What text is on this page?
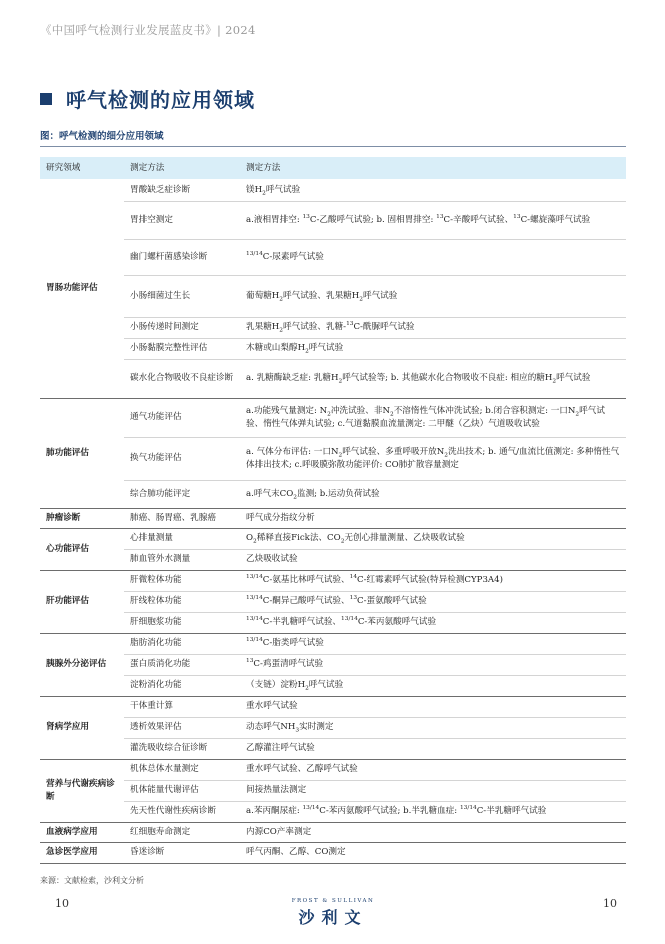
《中国呼气检测行业发展蓝皮书》| 2024
呼气检测的应用领域
图：呼气检测的细分应用领域
研究领域	测定方法	测定方法
胃肠功能评估	胃酸缺乏症诊断	镁$H_2$呼气试验
	胃排空测定	a.液相胃排空: $^{13}$C-乙酸呼气试验; b. 固相胃排空: $^{13}$C-辛酸呼气试验、$^{13}$C-螺旋藻呼气试验
	幽门螺杆菌感染诊断	$^{13/14}$C-尿素呼气试验
	小肠细菌过生长	葡萄糖$H_2$呼气试验、乳果糖$H_2$呼气试验
	小肠传递时间测定	乳果糖$H_2$呼气试验、乳糖-$^{13}$C-酰脲呼气试验
	小肠黏膜完整性评估	木糖或山梨醇$H_2$呼气试验
	碳水化合物吸收不良症诊断	a. 乳糖酶缺乏症: 乳糖$H_2$呼气试验等; b. 其他碳水化合物吸收不良症: 相应的糖$H_2$呼气试验
肺功能评估	通气功能评估	a.功能残气量测定: $N_2$冲洗试验、非$N_2$不溶惰性气体冲洗试验; b.闭合容积测定: 一口$N_2$呼气试验、惰性气体弹丸试验; c.气道黏膜血流量测定: 二甲醚（乙炔）气道吸收试验
	换气功能评估	a. 气体分布评估: 一口$N_2$呼气试验、多重呼吸开放$N_2$洗出技术; b. 通气/血流比值测定: 多种惰性气体排出技术; c.呼吸膜弥散功能评价: CO肺扩散容量测定
	综合肺功能评定	a.呼气末$CO_2$监测; b.运动负荷试验
肿瘤诊断	肺癌、肠胃癌、乳腺癌	呼气成分指纹分析
心功能评估	心排量测量	$O_2$稀释直接Fick法、$CO_2$无创心排量测量、乙炔吸收试验
	肺血管外水测量	乙炔吸收试验
肝功能评估	肝微粒体功能	$^{13/14}$C-氨基比林呼气试验、$^{14}$C-红霉素呼气试验(特异检测CYP3A4)
	肝线粒体功能	$^{13/14}$C-酮异己酸呼气试验、$^{13}$C-蛋氨酸呼气试验
	肝细胞浆功能	$^{13/14}$C-半乳糖呼气试验、$^{13/14}$C-苯丙氨酸呼气试验
胰腺外分泌评估	脂肪消化功能	$^{13/14}$C-脂类呼气试验
	蛋白质消化功能	$^{13}$C-鸡蛋清呼气试验
	淀粉消化功能	（支链）淀粉$H_2$呼气试验
肾病学应用	干体重计算	重水呼气试验
	透析效果评估	动态呼气$NH_3$实时测定
	灌洗吸收综合征诊断	乙醇灌注呼气试验
营养与代谢疾病诊断	机体总体水量测定	重水呼气试验、乙醇呼气试验
	机体能量代谢评估	间接热量法测定
	先天性代谢性疾病诊断	a.苯丙酮尿症: $^{13/14}$C-苯丙氨酸呼气试验; b.半乳糖血症: $^{13/14}$C-半乳糖呼气试验
血液病学应用	红细胞寿命测定	内源CO产率测定
急诊医学应用	昏迷诊断	呼气丙酮、乙醇、CO测定
来源：文献检索，沙利文分析
10	10
FROST & SULLIVAN
沙利文
